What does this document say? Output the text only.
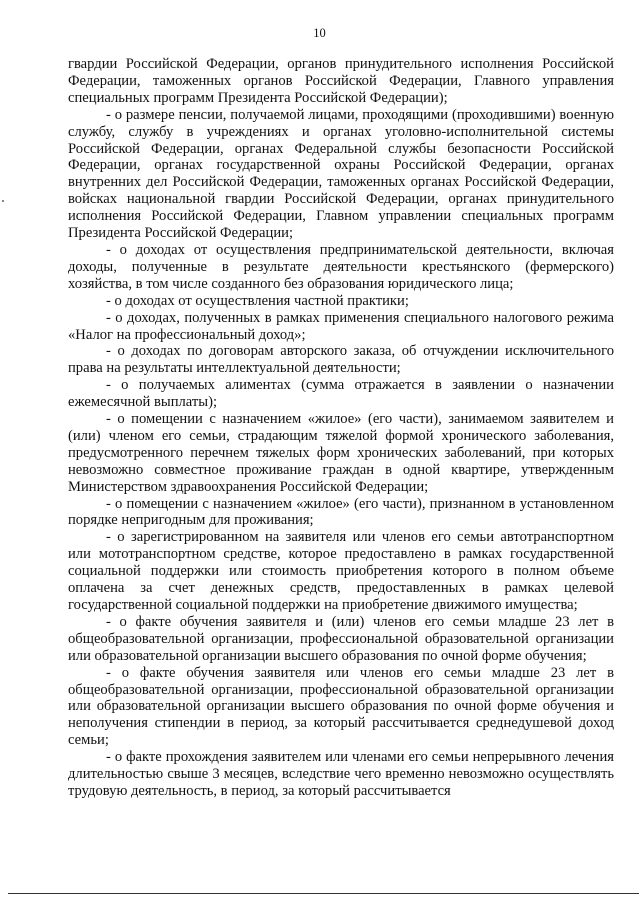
10

гвардии Российской Федерации, органов принудительного исполнения Российской Федерации, таможенных органов Российской Федерации, Главного управления специальных программ Президента Российской Федерации);

- о размере пенсии, получаемой лицами, проходящими (проходившими) военную службу, службу в учреждениях и органах уголовно-исполнительной системы Российской Федерации, органах Федеральной службы безопасности Российской Федерации, органах государственной охраны Российской Федерации, органах внутренних дел Российской Федерации, таможенных органах Российской Федерации, войсках национальной гвардии Российской Федерации, органах принудительного исполнения Российской Федерации, Главном управлении специальных программ Президента Российской Федерации;

- о доходах от осуществления предпринимательской деятельности, включая доходы, полученные в результате деятельности крестьянского (фермерского) хозяйства, в том числе созданного без образования юридического лица;

- о доходах от осуществления частной практики;

- о доходах, полученных в рамках применения специального налогового режима «Налог на профессиональный доход»;

- о доходах по договорам авторского заказа, об отчуждении исключительного права на результаты интеллектуальной деятельности;

- о получаемых алиментах (сумма отражается в заявлении о назначении ежемесячной выплаты);

- о помещении с назначением «жилое» (его части), занимаемом заявителем и (или) членом его семьи, страдающим тяжелой формой хронического заболевания, предусмотренного перечнем тяжелых форм хронических заболеваний, при которых невозможно совместное проживание граждан в одной квартире, утвержденным Министерством здравоохранения Российской Федерации;

- о помещении с назначением «жилое» (его части), признанном в установленном порядке непригодным для проживания;

- о зарегистрированном на заявителя или членов его семьи автотранспортном или мототранспортном средстве, которое предоставлено в рамках государственной социальной поддержки или стоимость приобретения которого в полном объеме оплачена за счет денежных средств, предоставленных в рамках целевой государственной социальной поддержки на приобретение движимого имущества;

- о факте обучения заявителя и (или) членов его семьи младше 23 лет в общеобразовательной организации, профессиональной образовательной организации или образовательной организации высшего образования по очной форме обучения;

- о факте обучения заявителя или членов его семьи младше 23 лет в общеобразовательной организации, профессиональной образовательной организации или образовательной организации высшего образования по очной форме обучения и неполучения стипендии в период, за который рассчитывается среднедушевой доход семьи;

- о факте прохождения заявителем или членами его семьи непрерывного лечения длительностью свыше 3 месяцев, вследствие чего временно невозможно осуществлять трудовую деятельность, в период, за который рассчитывается
